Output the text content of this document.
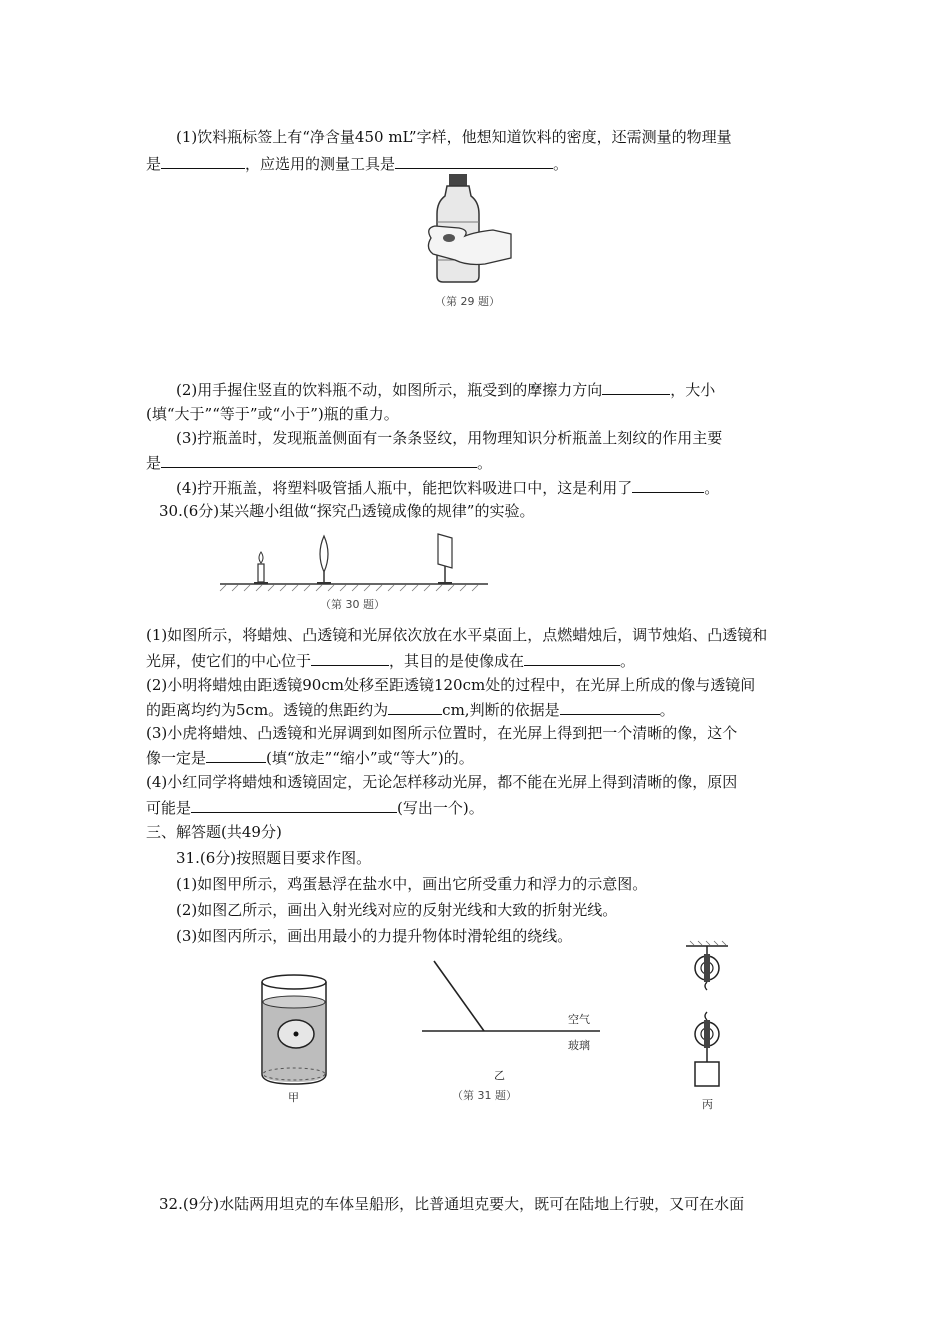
(1)饮料瓶标签上有“净含量450 mL”字样，他想知道饮料的密度，还需测量的物理量
是	，应选用的测量工具是	。
（第 29 题）
(2)用手握住竖直的饮料瓶不动，如图所示，瓶受到的摩擦力方向	，大小
(填“大于”“等于”或“小于”)瓶的重力。
(3)拧瓶盖时，发现瓶盖侧面有一条条竖纹，用物理知识分析瓶盖上刻纹的作用主要
是	。
(4)拧开瓶盖，将塑料吸管插人瓶中，能把饮料吸进口中，这是利用了	。
30.(6分)某兴趣小组做“探究凸透镜成像的规律”的实验。
（第 30 题）
(1)如图所示，将蜡烛、凸透镜和光屏依次放在水平桌面上，点燃蜡烛后，调节烛焰、凸透镜和
光屏，使它们的中心位于	，其目的是使像成在	。
(2)小明将蜡烛由距透镜90cm处移至距透镜120cm处的过程中，在光屏上所成的像与透镜间
的距离均约为5cm。透镜的焦距约为	cm,判断的依据是	。
(3)小虎将蜡烛、凸透镜和光屏调到如图所示位置时，在光屏上得到把一个清晰的像，这个
像一定是	(填“放走”“缩小”或“等大”)的。
(4)小红同学将蜡烛和透镜固定，无论怎样移动光屏，都不能在光屏上得到清晰的像，原因
可能是	(写出一个)。
三、解答题(共49分)
31.(6分)按照题目要求作图。
(1)如图甲所示，鸡蛋悬浮在盐水中，画出它所受重力和浮力的示意图。
(2)如图乙所示，画出入射光线对应的反射光线和大致的折射光线。
(3)如图丙所示，画出用最小的力提升物体时滑轮组的绕线。
甲
空气
玻璃
乙
（第 31 题）
丙
32.(9分)水陆两用坦克的车体呈船形，比普通坦克要大，既可在陆地上行驶，又可在水面
